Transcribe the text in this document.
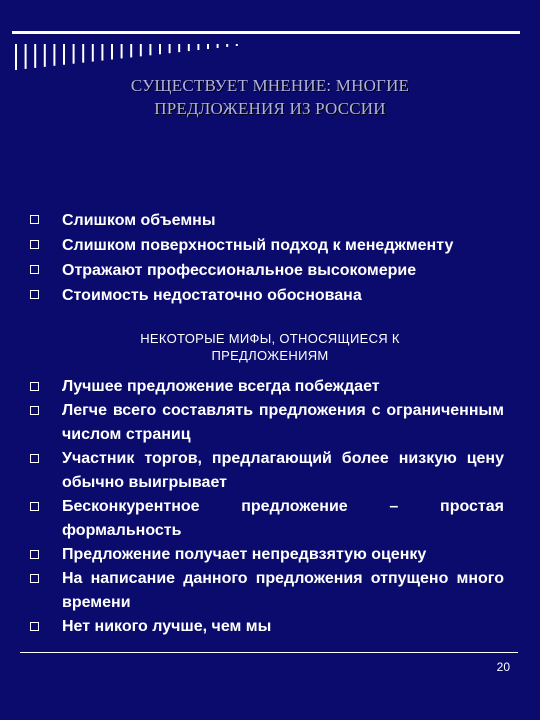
СУЩЕСТВУЕТ МНЕНИЕ: МНОГИЕ
ПРЕДЛОЖЕНИЯ ИЗ РОССИИ
Слишком объемны
Слишком поверхностный подход к менеджменту
Отражают профессиональное высокомерие
Стоимость недостаточно обоснована
НЕКОТОРЫЕ МИФЫ, ОТНОСЯЩИЕСЯ К
ПРЕДЛОЖЕНИЯМ
Лучшее предложение всегда побеждает
Легче всего составлять предложения с ограниченным числом страниц
Участник торгов, предлагающий более низкую цену обычно выигрывает
Бесконкурентное предложение – простая формальность
Предложение получает непредвзятую оценку
На написание данного предложения отпущено много времени
Нет никого лучше, чем мы
20
